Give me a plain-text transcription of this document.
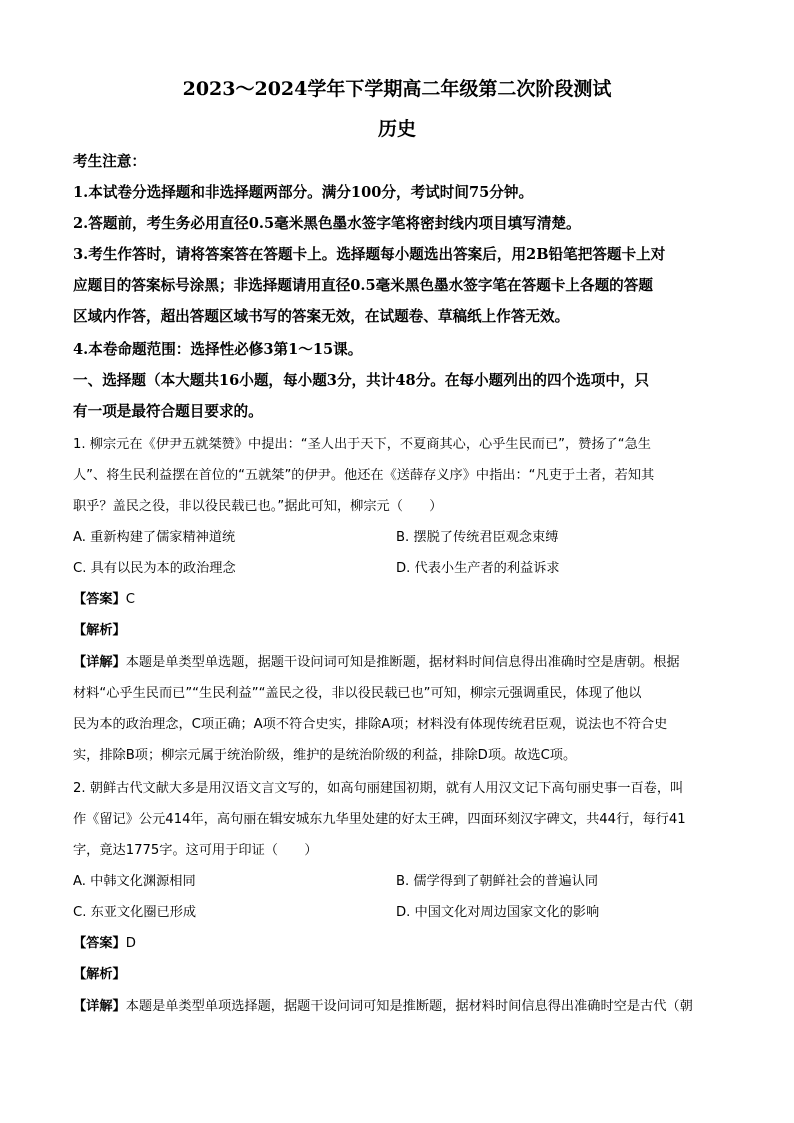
2023～2024学年下学期高二年级第二次阶段测试
历史
考生注意：
1.本试卷分选择题和非选择题两部分。满分100分，考试时间75分钟。
2.答题前，考生务必用直径0.5毫米黑色墨水签字笔将密封线内项目填写清楚。
3.考生作答时，请将答案答在答题卡上。选择题每小题选出答案后，用2B铅笔把答题卡上对
应题目的答案标号涂黑；非选择题请用直径0.5毫米黑色墨水签字笔在答题卡上各题的答题
区域内作答，超出答题区域书写的答案无效，在试题卷、草稿纸上作答无效。
4.本卷命题范围：选择性必修3第1～15课。
一、选择题（本大题共16小题，每小题3分，共计48分。在每小题列出的四个选项中，只
有一项是最符合题目要求的。
1. 柳宗元在《伊尹五就桀赞》中提出：“圣人出于天下，不夏商其心，心乎生民而已”，赞扬了“急生
人”、将生民利益摆在首位的“五就桀”的伊尹。他还在《送薛存义序》中指出：“凡吏于土者，若知其
职乎？盖民之役，非以役民载已也。”据此可知，柳宗元（　　）
A. 重新构建了儒家精神道统	B. 摆脱了传统君臣观念束缚
C. 具有以民为本的政治理念	D. 代表小生产者的利益诉求
【答案】C
【解析】
【详解】本题是单类型单选题，据题干设问词可知是推断题，据材料时间信息得出准确时空是唐朝。根据
材料“心乎生民而已”“生民利益”“盖民之役，非以役民载已也”可知，柳宗元强调重民，体现了他以
民为本的政治理念，C项正确；A项不符合史实，排除A项；材料没有体现传统君臣观，说法也不符合史
实，排除B项；柳宗元属于统治阶级，维护的是统治阶级的利益，排除D项。故选C项。
2. 朝鲜古代文献大多是用汉语文言文写的，如高句丽建国初期，就有人用汉文记下高句丽史事一百卷，叫
作《留记》公元414年，高句丽在辑安城东九华里处建的好太王碑，四面环刻汉字碑文，共44行，每行41
字，竟达1775字。这可用于印证（　　）
A. 中韩文化渊源相同	B. 儒学得到了朝鲜社会的普遍认同
C. 东亚文化圈已形成	D. 中国文化对周边国家文化的影响
【答案】D
【解析】
【详解】本题是单类型单项选择题，据题干设问词可知是推断题，据材料时间信息得出准确时空是古代（朝
